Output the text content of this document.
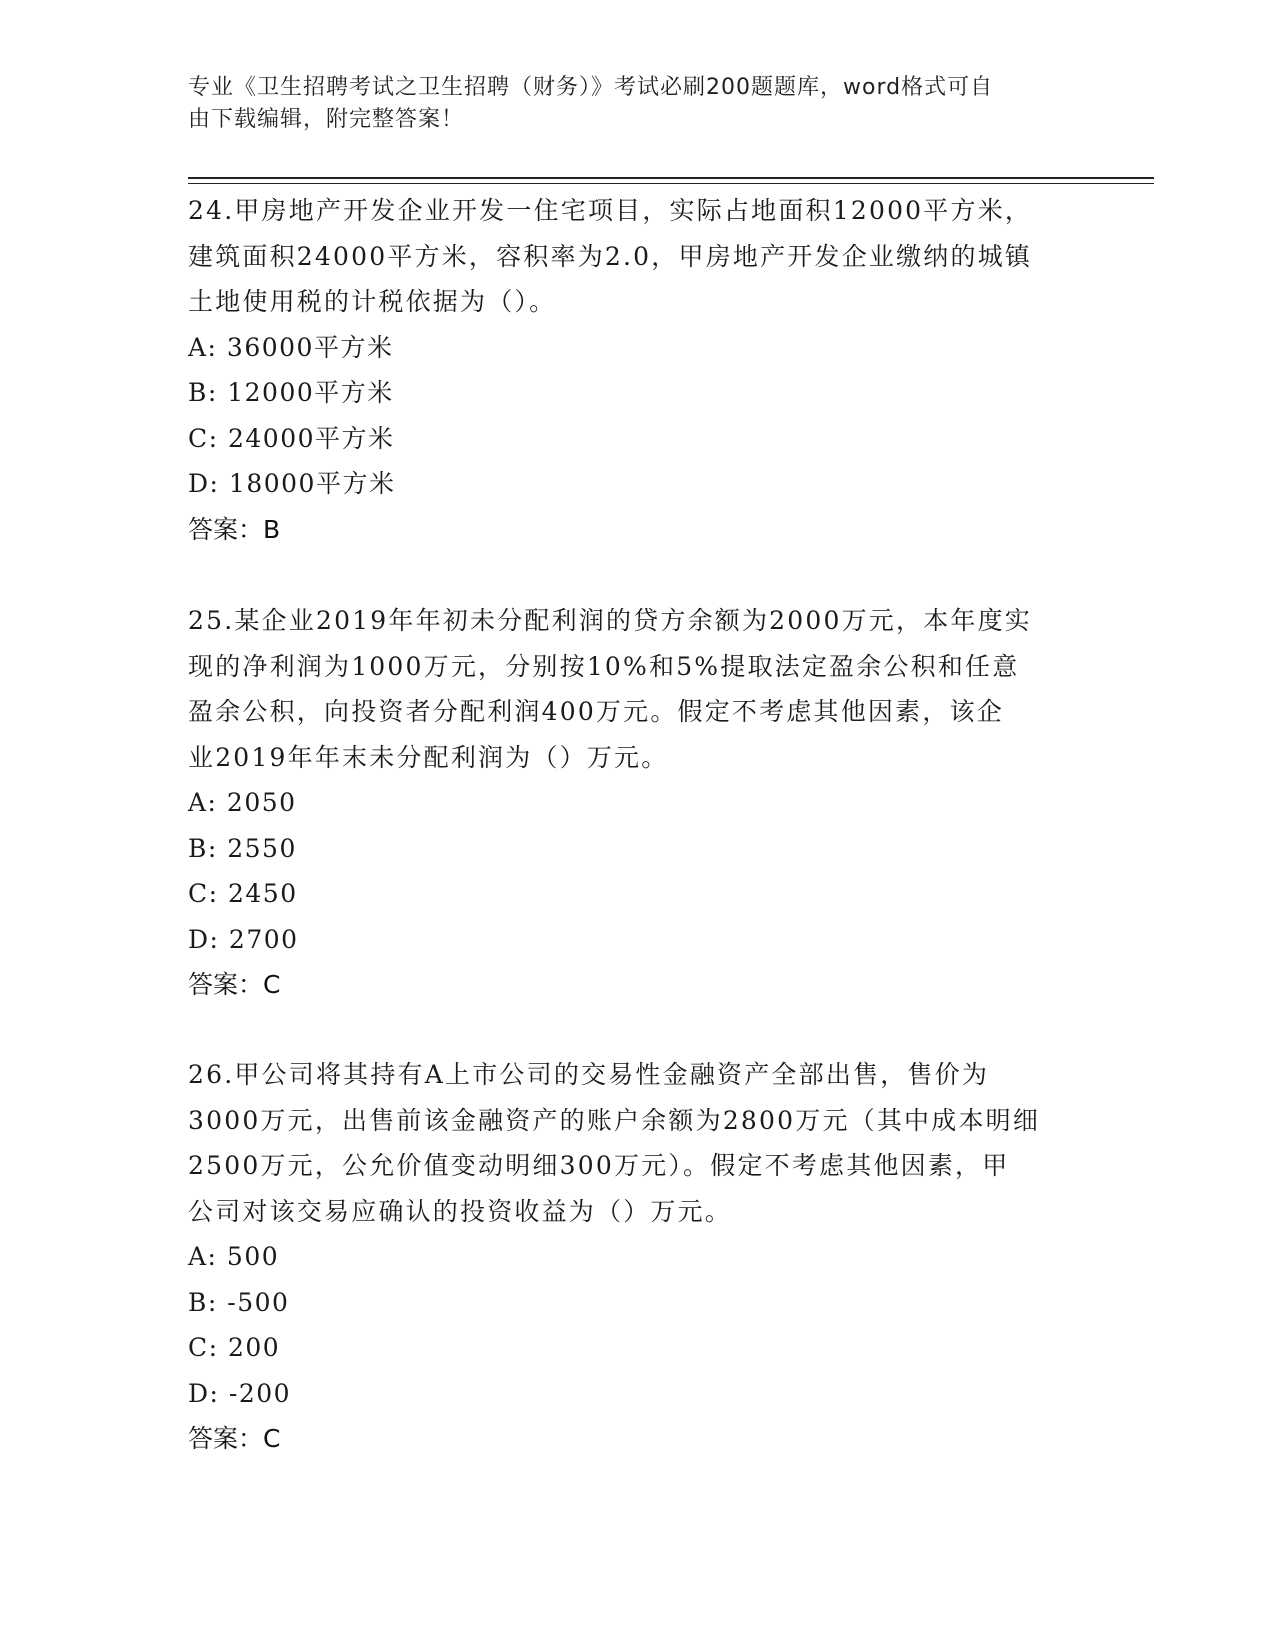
专业《卫生招聘考试之卫生招聘（财务）》考试必刷200题题库，word格式可自
由下载编辑，附完整答案！

24.甲房地产开发企业开发一住宅项目，实际占地面积12000平方米，

建筑面积24000平方米，容积率为2.0，甲房地产开发企业缴纳的城镇

土地使用税的计税依据为（）。

A: 36000平方米

B: 12000平方米

C: 24000平方米

D: 18000平方米

答案：B

25.某企业2019年年初未分配利润的贷方余额为2000万元，本年度实

现的净利润为1000万元，分别按10%和5%提取法定盈余公积和任意

盈余公积，向投资者分配利润400万元。假定不考虑其他因素，该企

业2019年年末未分配利润为（）万元。

A: 2050

B: 2550

C: 2450

D: 2700

答案：C

26.甲公司将其持有A上市公司的交易性金融资产全部出售，售价为

3000万元，出售前该金融资产的账户余额为2800万元（其中成本明细

2500万元，公允价值变动明细300万元）。假定不考虑其他因素，甲

公司对该交易应确认的投资收益为（）万元。

A: 500

B: -500

C: 200

D: -200

答案：C
